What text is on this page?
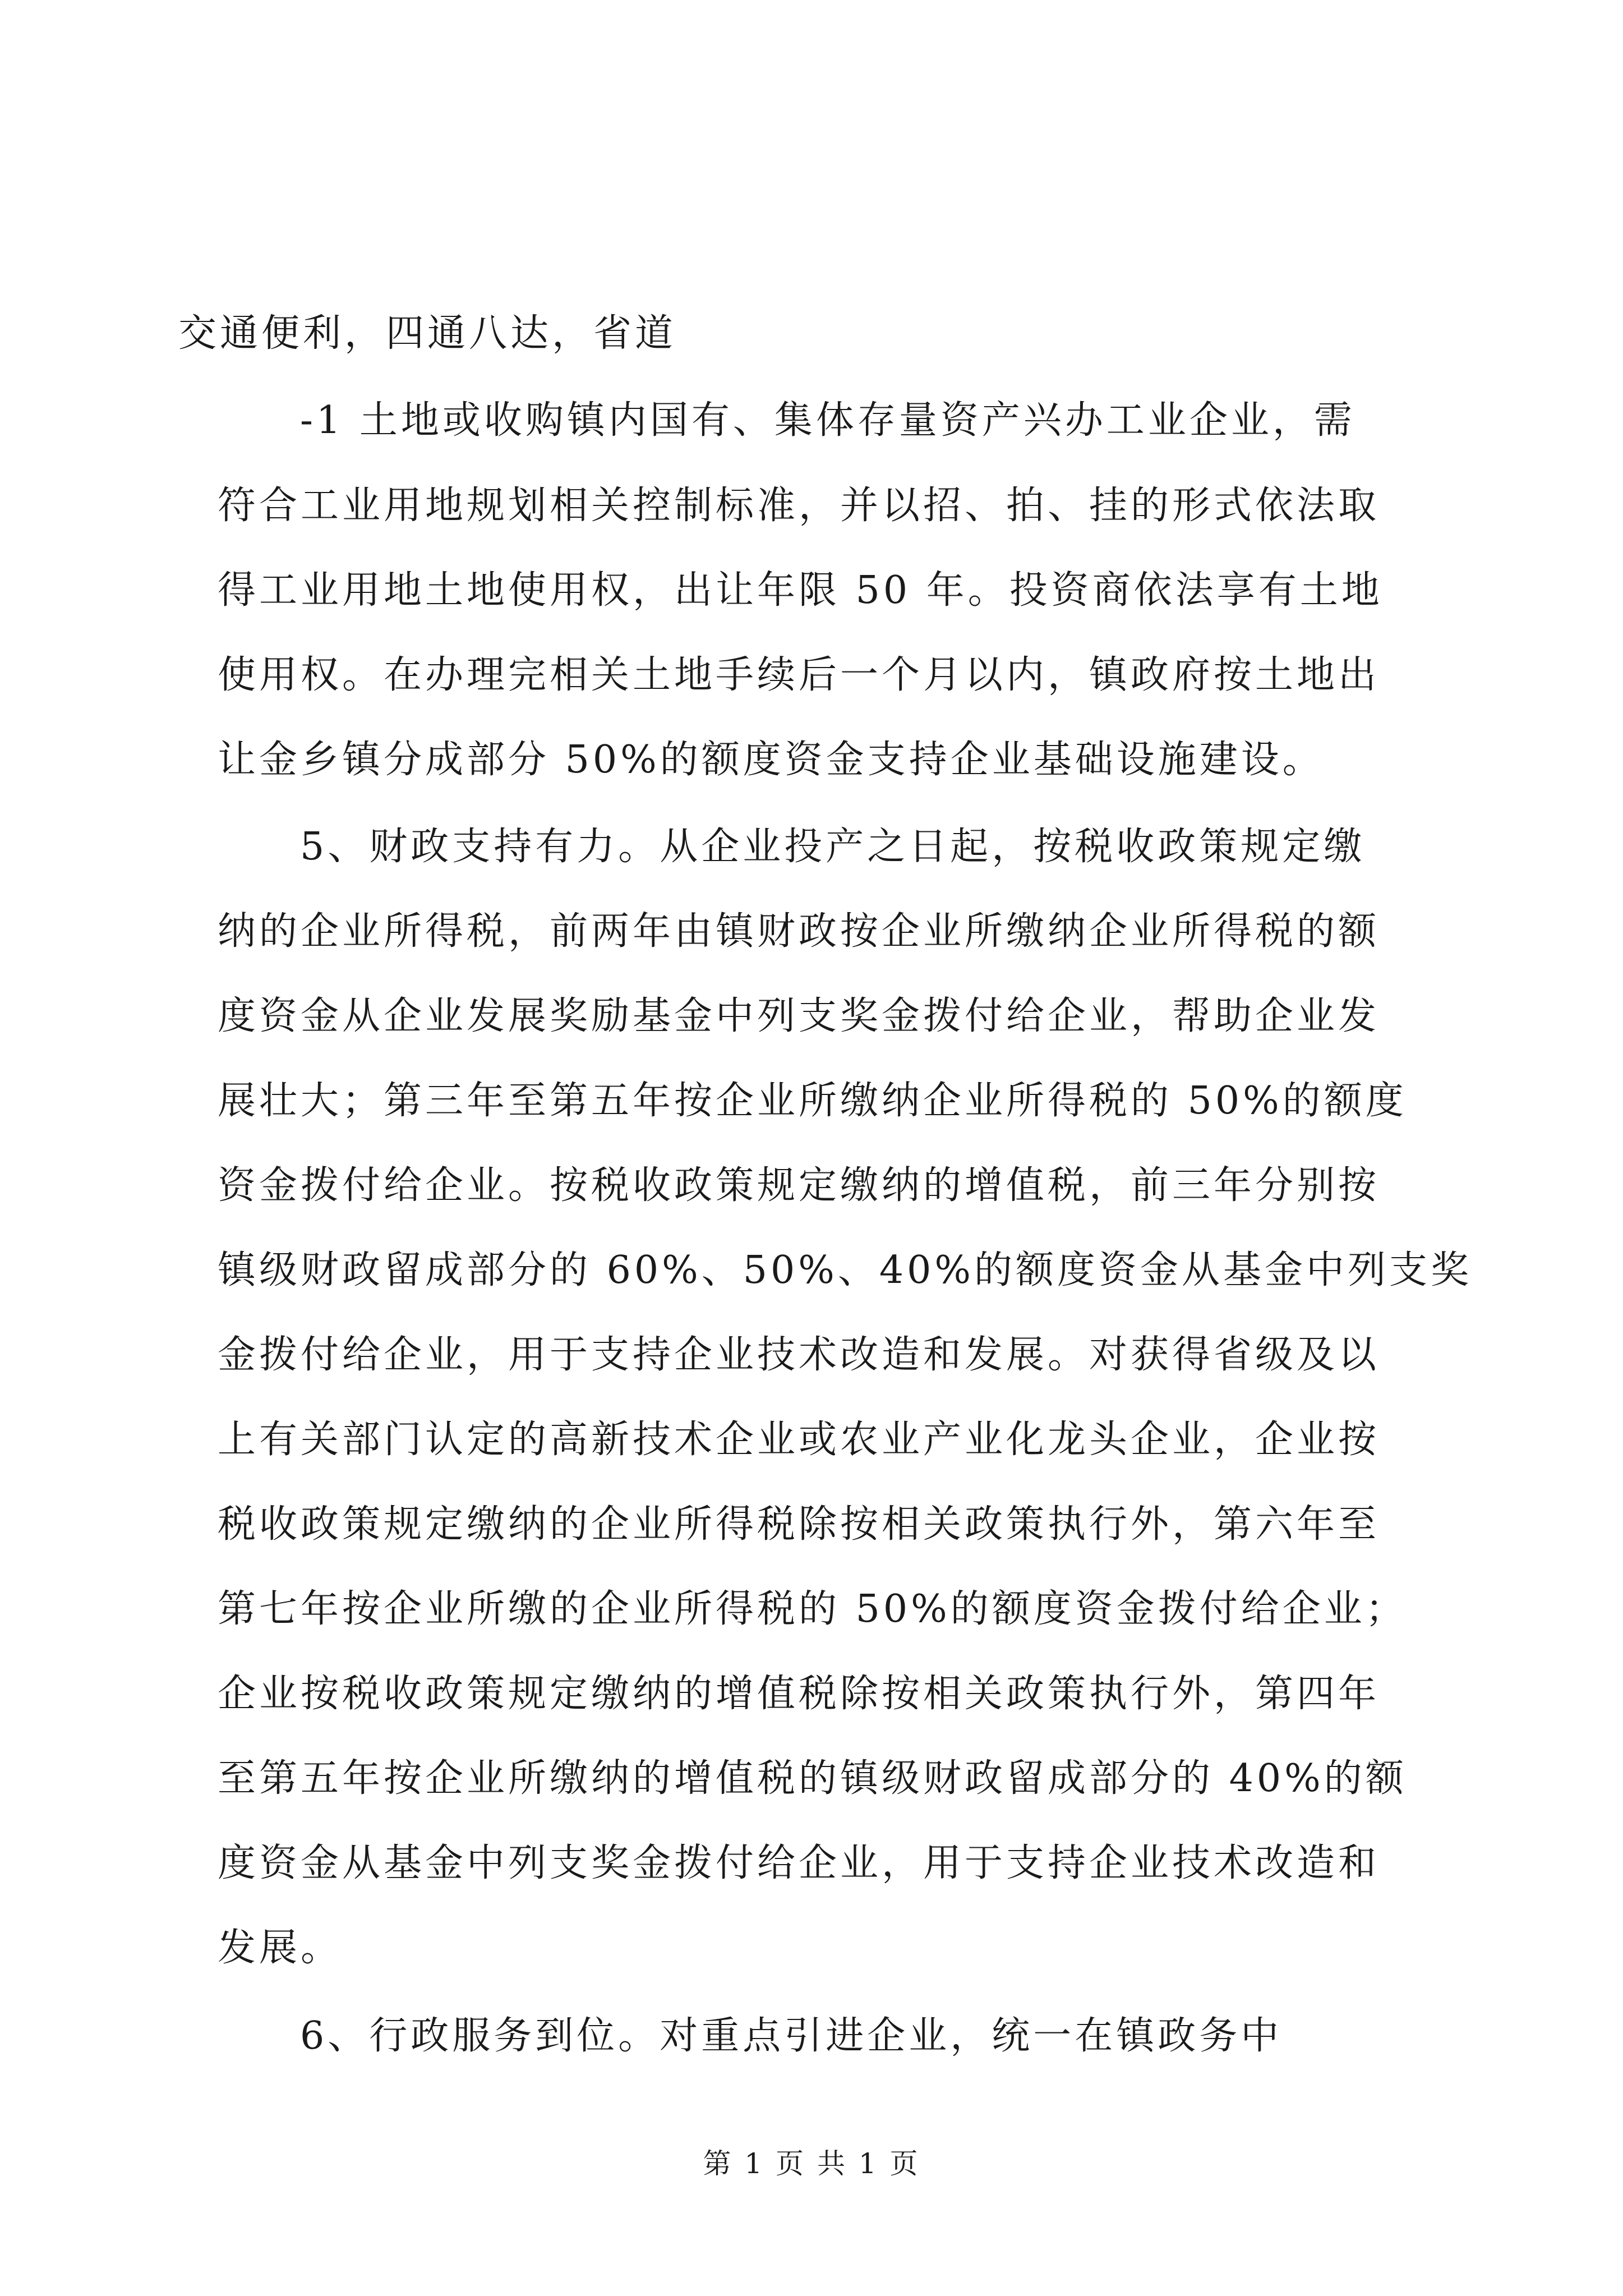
交通便利，四通八达，省道
-1 土地或收购镇内国有、集体存量资产兴办工业企业，需
符合工业用地规划相关控制标准，并以招、拍、挂的形式依法取
得工业用地土地使用权，出让年限 50 年。投资商依法享有土地
使用权。在办理完相关土地手续后一个月以内，镇政府按土地出
让金乡镇分成部分 50%的额度资金支持企业基础设施建设。
5、财政支持有力。从企业投产之日起，按税收政策规定缴
纳的企业所得税，前两年由镇财政按企业所缴纳企业所得税的额
度资金从企业发展奖励基金中列支奖金拨付给企业，帮助企业发
展壮大；第三年至第五年按企业所缴纳企业所得税的 50%的额度
资金拨付给企业。按税收政策规定缴纳的增值税，前三年分别按
镇级财政留成部分的 60%、50%、40%的额度资金从基金中列支奖
金拨付给企业，用于支持企业技术改造和发展。对获得省级及以
上有关部门认定的高新技术企业或农业产业化龙头企业，企业按
税收政策规定缴纳的企业所得税除按相关政策执行外，第六年至
第七年按企业所缴的企业所得税的 50%的额度资金拨付给企业；
企业按税收政策规定缴纳的增值税除按相关政策执行外，第四年
至第五年按企业所缴纳的增值税的镇级财政留成部分的 40%的额
度资金从基金中列支奖金拨付给企业，用于支持企业技术改造和
发展。
6、行政服务到位。对重点引进企业，统一在镇政务中
第 1 页 共 1 页
